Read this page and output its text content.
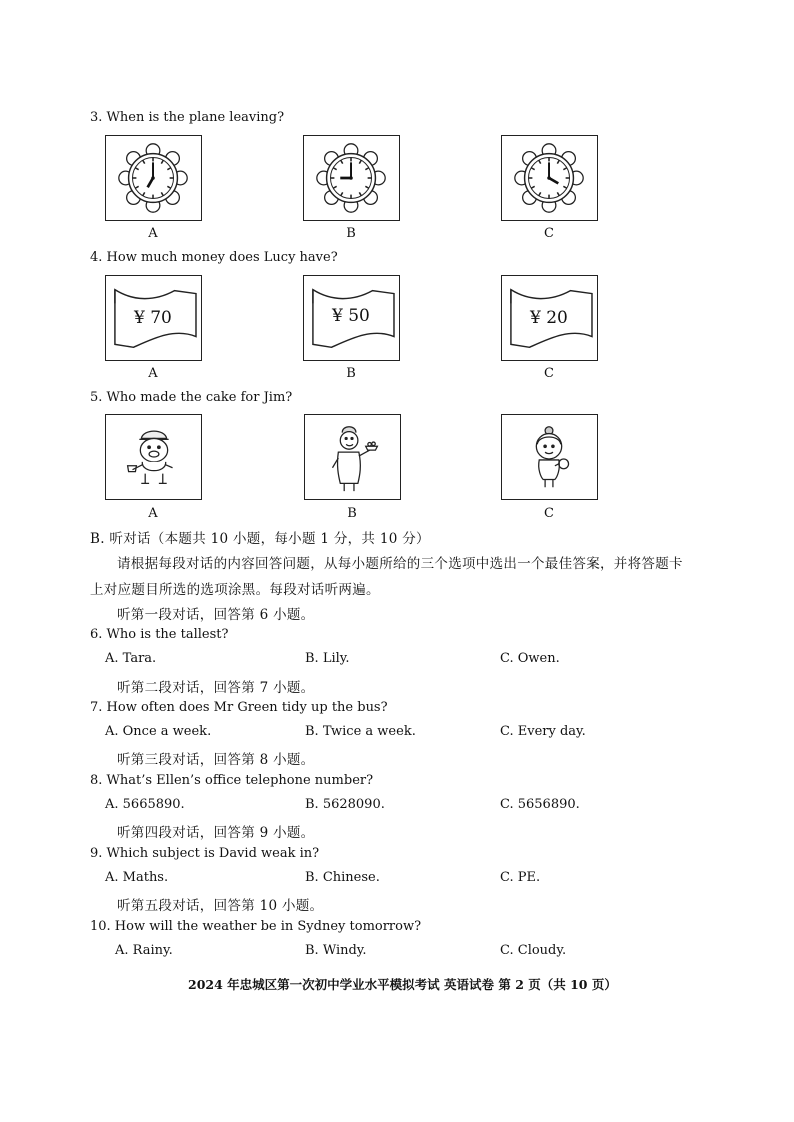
3. When is the plane leaving?
A	B	C
4. How much money does Lucy have?
¥ 70
A
¥ 50
B
¥ 20
C
5. Who made the cake for Jim?
A	B	C
B. 听对话（本题共 10 小题，每小题 1 分，共 10 分）
请根据每段对话的内容回答问题，从每小题所给的三个选项中选出一个最佳答案，并将答题卡
上对应题目所选的选项涂黑。每段对话听两遍。
听第一段对话，回答第 6 小题。
6. Who is the tallest?
A. Tara.	B. Lily.	C. Owen.
听第二段对话，回答第 7 小题。
7. How often does Mr Green tidy up the bus?
A. Once a week.	B. Twice a week.	C. Every day.
听第三段对话，回答第 8 小题。
8. What’s Ellen’s office telephone number?
A. 5665890.	B. 5628090.	C. 5656890.
听第四段对话，回答第 9 小题。
9. Which subject is David weak in?
A. Maths.	B. Chinese.	C. PE.
听第五段对话，回答第 10 小题。
10. How will the weather be in Sydney tomorrow?
A. Rainy.	B. Windy.	C. Cloudy.
2024 年忠城区第一次初中学业水平模拟考试 英语试卷 第 2 页（共 10 页）
